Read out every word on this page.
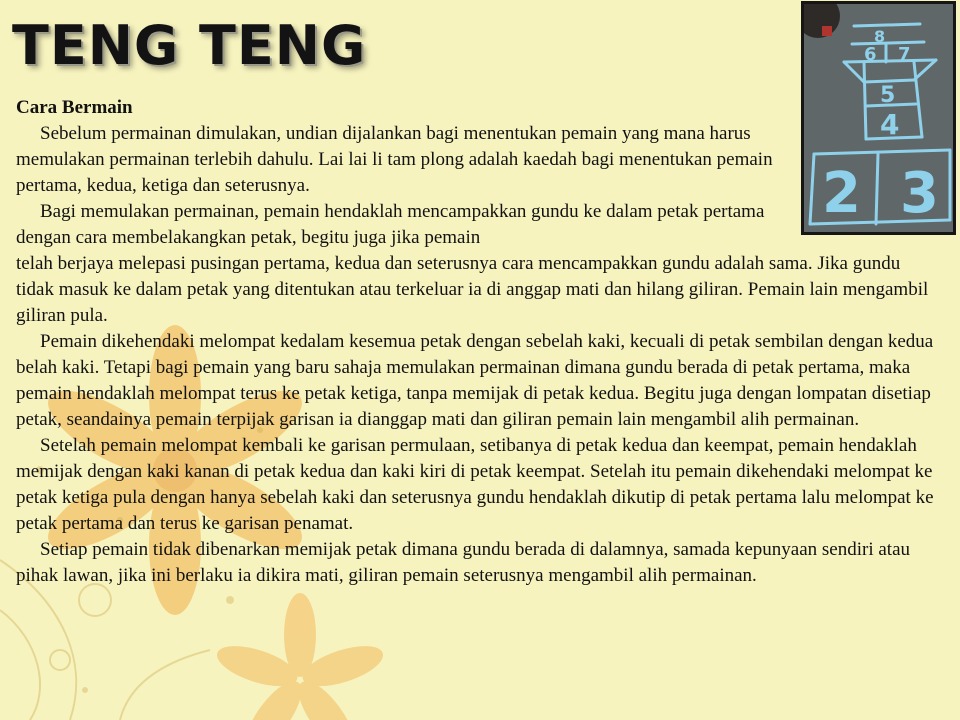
TENG TENG	8
6 7
5
4
2 3
Cara Bermain
Sebelum permainan dimulakan, undian dijalankan bagi menentukan pemain yang mana harus memulakan permainan terlebih dahulu. Lai lai li tam plong adalah kaedah bagi menentukan pemain pertama, kedua, ketiga dan seterusnya.
Bagi memulakan permainan, pemain hendaklah mencampakkan gundu ke dalam petak pertama dengan cara membelakangkan petak, begitu juga jika pemain
telah berjaya melepasi pusingan pertama, kedua dan seterusnya cara mencampakkan gundu adalah sama. Jika gundu tidak masuk ke dalam petak yang ditentukan atau terkeluar ia di anggap mati dan hilang giliran. Pemain lain mengambil giliran pula.
Pemain dikehendaki melompat kedalam kesemua petak dengan sebelah kaki, kecuali di petak sembilan dengan kedua belah kaki. Tetapi bagi pemain yang baru sahaja memulakan permainan dimana gundu berada di petak pertama, maka pemain hendaklah melompat terus ke petak ketiga, tanpa memijak di petak kedua. Begitu juga dengan lompatan disetiap petak, seandainya pemain terpijak garisan ia dianggap mati dan giliran pemain lain mengambil alih permainan.
Setelah pemain melompat kembali ke garisan permulaan, setibanya di petak kedua dan keempat, pemain hendaklah memijak dengan kaki kanan di petak kedua dan kaki kiri di petak keempat. Setelah itu pemain dikehendaki melompat ke petak ketiga pula dengan hanya sebelah kaki dan seterusnya gundu hendaklah dikutip di petak pertama lalu melompat ke petak pertama dan terus ke garisan penamat.
Setiap pemain tidak dibenarkan memijak petak dimana gundu berada di dalamnya, samada kepunyaan sendiri atau pihak lawan, jika ini berlaku ia dikira mati, giliran pemain seterusnya mengambil alih permainan.
